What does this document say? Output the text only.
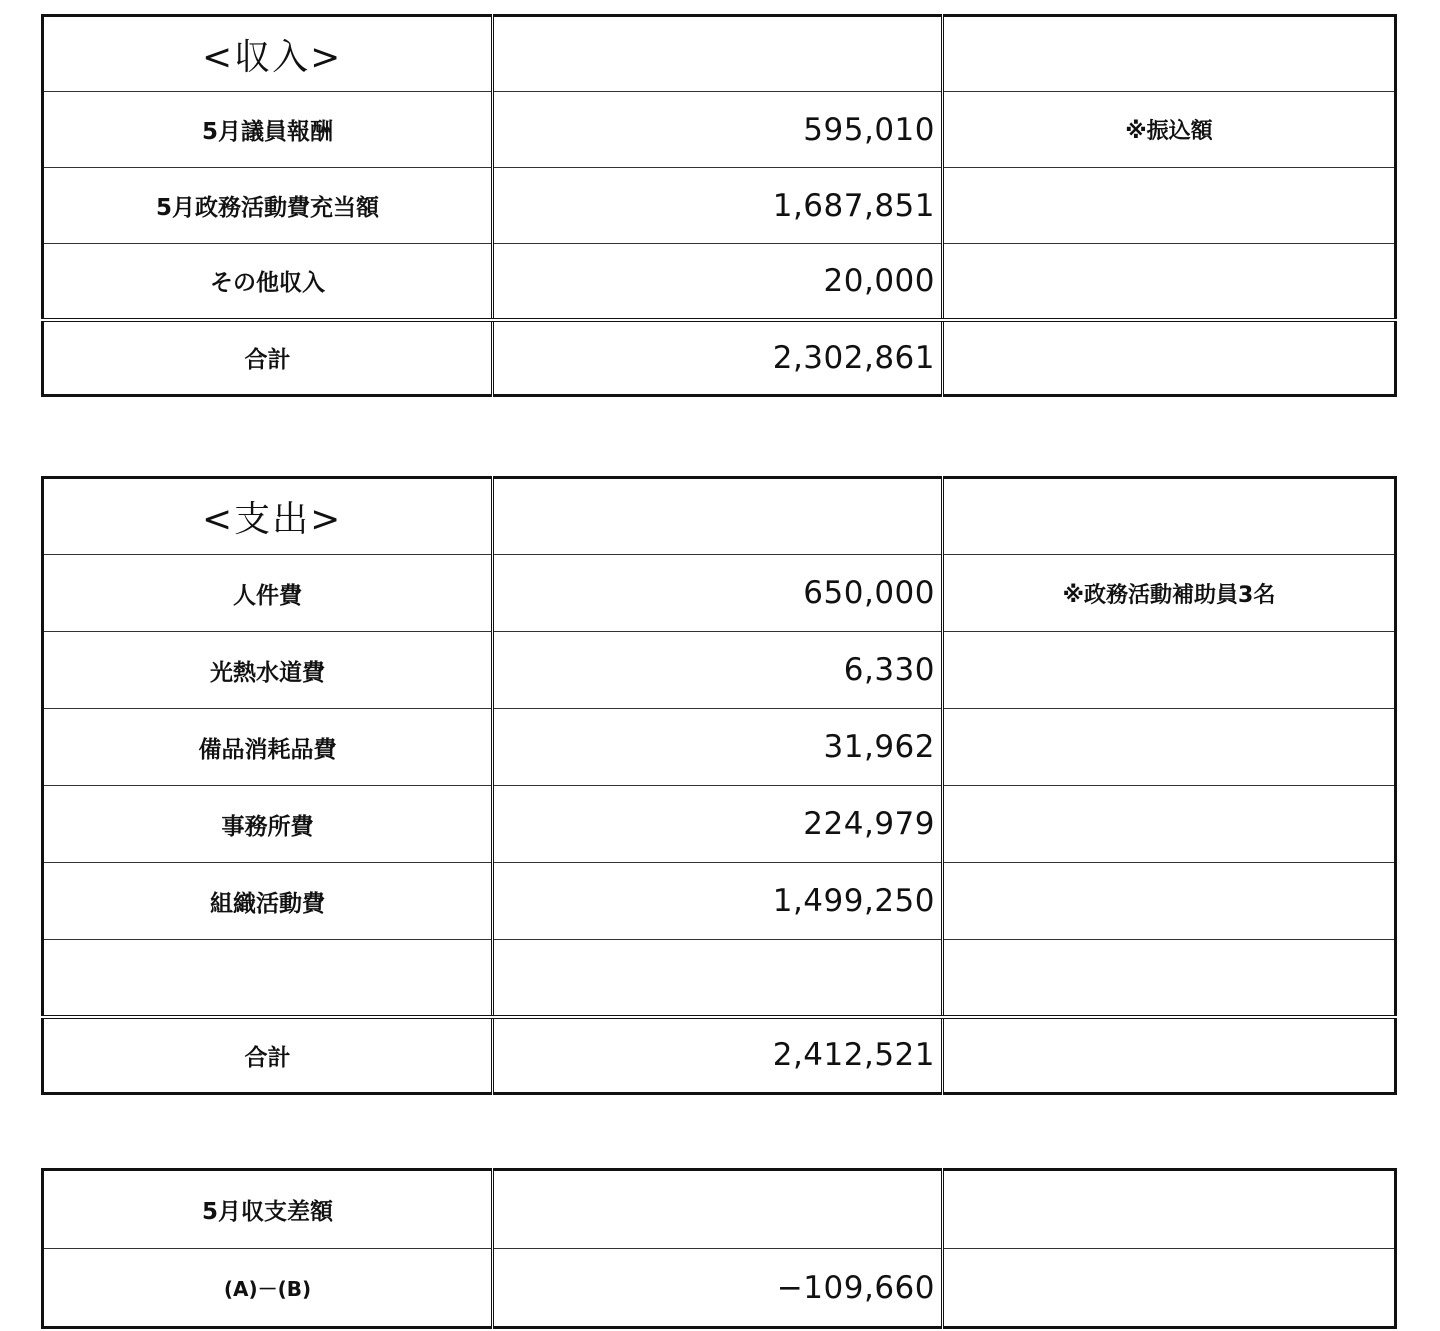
<収入>		
5月議員報酬	595,010	※振込額
5月政務活動費充当額	1,687,851	
その他収入	20,000	
合計	2,302,861	
<支出>		
人件費	650,000	※政務活動補助員3名
光熱水道費	6,330	
備品消耗品費	31,962	
事務所費	224,979	
組織活動費	1,499,250	

合計	2,412,521	
5月収支差額		
(A)－(B)	−109,660	
